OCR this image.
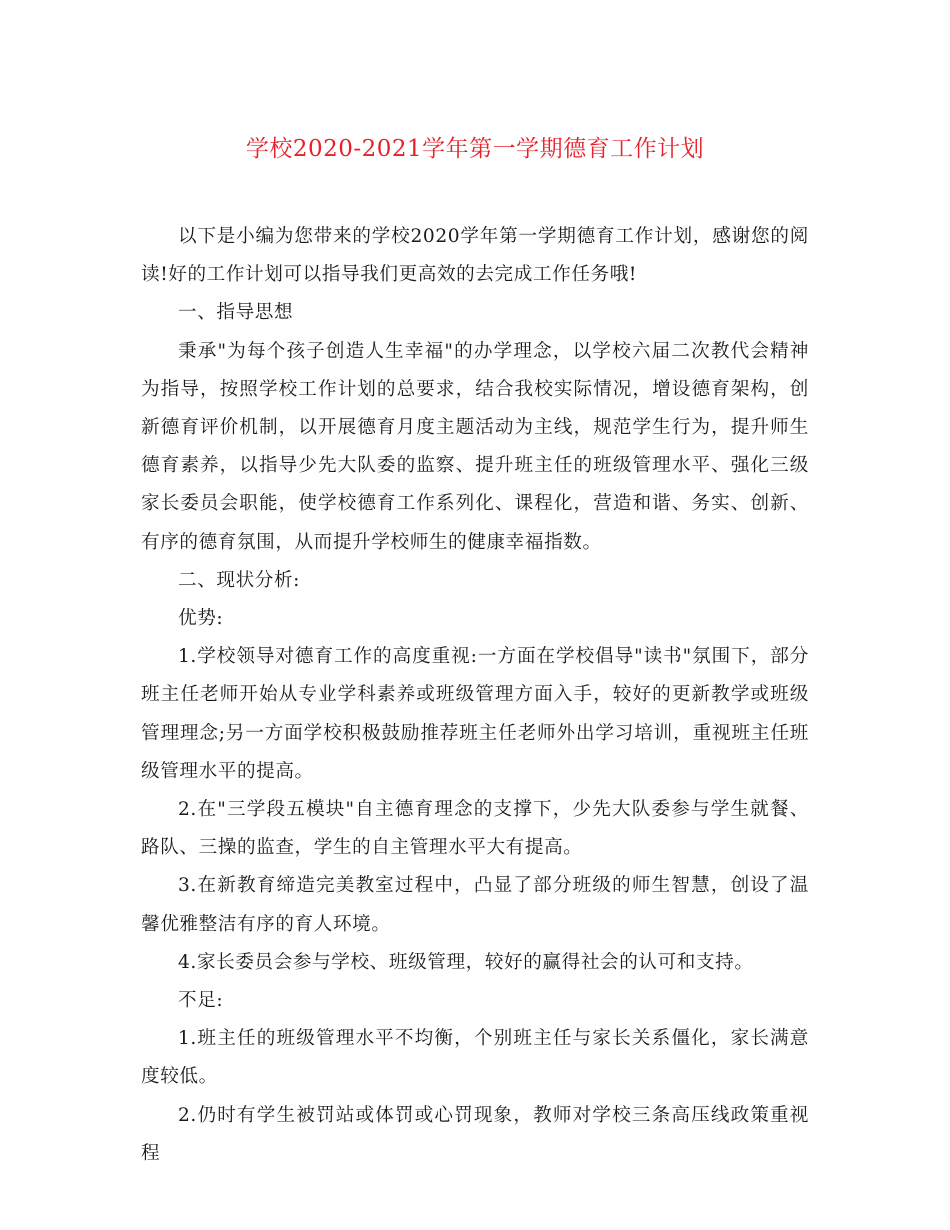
学校2020-2021学年第一学期德育工作计划

以下是小编为您带来的学校2020学年第一学期德育工作计划，感谢您的阅读!好的工作计划可以指导我们更高效的去完成工作任务哦!

一、指导思想

秉承"为每个孩子创造人生幸福"的办学理念，以学校六届二次教代会精神为指导，按照学校工作计划的总要求，结合我校实际情况，增设德育架构，创新德育评价机制，以开展德育月度主题活动为主线，规范学生行为，提升师生德育素养，以指导少先大队委的监察、提升班主任的班级管理水平、强化三级家长委员会职能，使学校德育工作系列化、课程化，营造和谐、务实、创新、有序的德育氛围，从而提升学校师生的健康幸福指数。

二、现状分析:

优势:

1.学校领导对德育工作的高度重视:一方面在学校倡导"读书"氛围下，部分班主任老师开始从专业学科素养或班级管理方面入手，较好的更新教学或班级管理理念;另一方面学校积极鼓励推荐班主任老师外出学习培训，重视班主任班级管理水平的提高。

2.在"三学段五模块"自主德育理念的支撑下，少先大队委参与学生就餐、路队、三操的监查，学生的自主管理水平大有提高。

3.在新教育缔造完美教室过程中，凸显了部分班级的师生智慧，创设了温馨优雅整洁有序的育人环境。

4.家长委员会参与学校、班级管理，较好的赢得社会的认可和支持。

不足:

1.班主任的班级管理水平不均衡，个别班主任与家长关系僵化，家长满意度较低。

2.仍时有学生被罚站或体罚或心罚现象，教师对学校三条高压线政策重视程
